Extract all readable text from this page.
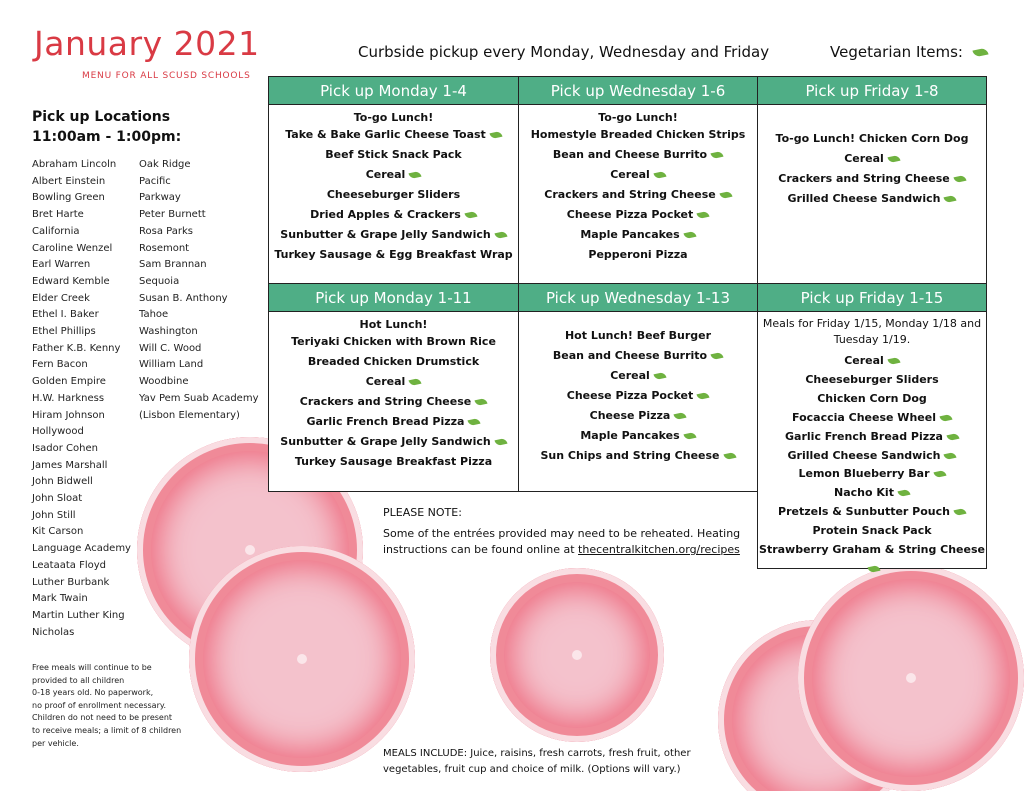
January 2021
MENU FOR ALL SCUSD SCHOOLS
Curbside pickup every Monday, Wednesday and Friday	Vegetarian Items:
Pick up Locations
11:00am - 1:00pm:
Abraham Lincoln
Albert Einstein
Bowling Green
Bret Harte
California
Caroline Wenzel
Earl Warren
Edward Kemble
Elder Creek
Ethel I. Baker
Ethel Phillips
Father K.B. Kenny
Fern Bacon
Golden Empire
H.W. Harkness
Hiram Johnson
Hollywood
Isador Cohen
James Marshall
John Bidwell
John Sloat
John Still
Kit Carson
Language Academy
Leataata Floyd
Luther Burbank
Mark Twain
Martin Luther King
Nicholas
Oak Ridge
Pacific
Parkway
Peter Burnett
Rosa Parks
Rosemont
Sam Brannan
Sequoia
Susan B. Anthony
Tahoe
Washington
Will C. Wood
William Land
Woodbine
Yav Pem Suab Academy
(Lisbon Elementary)
Free meals will continue to be
provided to all children
0-18 years old. No paperwork,
no proof of enrollment necessary.
Children do not need to be present
to receive meals; a limit of 8 children
per vehicle.
Pick up Monday 1-4
To-go Lunch!
Take & Bake Garlic Cheese Toast
Beef Stick Snack Pack
Cereal
Cheeseburger Sliders
Dried Apples & Crackers
Sunbutter & Grape Jelly Sandwich
Turkey Sausage & Egg Breakfast Wrap
Pick up Wednesday 1-6
To-go Lunch!
Homestyle Breaded Chicken Strips
Bean and Cheese Burrito
Cereal
Crackers and String Cheese
Cheese Pizza Pocket
Maple Pancakes
Pepperoni Pizza
Pick up Friday 1-8
To-go Lunch! Chicken Corn Dog
Cereal
Crackers and String Cheese
Grilled Cheese Sandwich
Pick up Monday 1-11
Hot Lunch!
Teriyaki Chicken with Brown Rice
Breaded Chicken Drumstick
Cereal
Crackers and String Cheese
Garlic French Bread Pizza
Sunbutter & Grape Jelly Sandwich
Turkey Sausage Breakfast Pizza
Pick up Wednesday 1-13
Hot Lunch! Beef Burger
Bean and Cheese Burrito
Cereal
Cheese Pizza Pocket
Cheese Pizza
Maple Pancakes
Sun Chips and String Cheese
Pick up Friday 1-15
Meals for Friday 1/15, Monday 1/18 and Tuesday 1/19.
Cereal
Cheeseburger Sliders
Chicken Corn Dog
Focaccia Cheese Wheel
Garlic French Bread Pizza
Grilled Cheese Sandwich
Lemon Blueberry Bar
Nacho Kit
Pretzels & Sunbutter Pouch
Protein Snack Pack
Strawberry Graham & String Cheese
PLEASE NOTE:
Some of the entrées provided may need to be reheated. Heating instructions can be found online at thecentralkitchen.org/recipes
MEALS INCLUDE: Juice, raisins, fresh carrots, fresh fruit, other vegetables, fruit cup and choice of milk. (Options will vary.)
